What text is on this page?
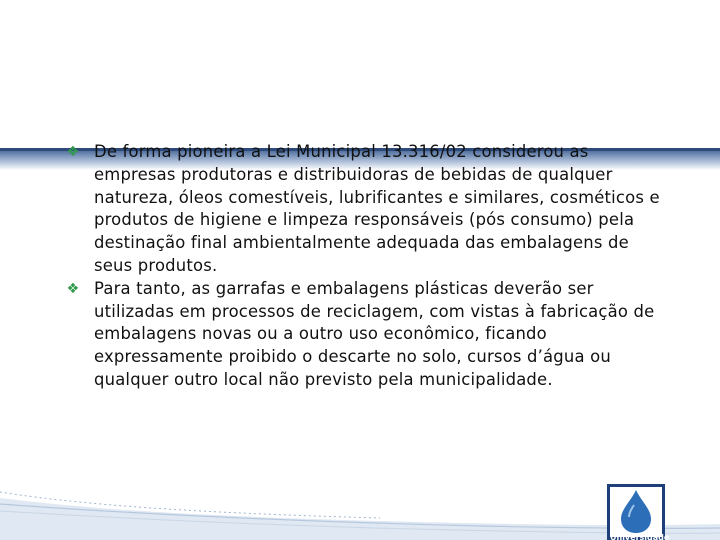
❖ De forma pioneira a Lei Municipal 13.316/02 considerou as empresas produtoras e distribuidoras de bebidas de qualquer natureza, óleos comestíveis, lubrificantes e similares, cosméticos e produtos de higiene e limpeza responsáveis (pós consumo) pela destinação final ambientalmente adequada das embalagens de seus produtos.

❖ Para tanto, as garrafas e embalagens plásticas deverão ser utilizadas em processos de reciclagem, com vistas à fabricação de embalagens novas ou a outro uso econômico, ficando expressamente proibido o descarte no solo, cursos d’água ou qualquer outro local não previsto pela municipalidade.

Universidade
